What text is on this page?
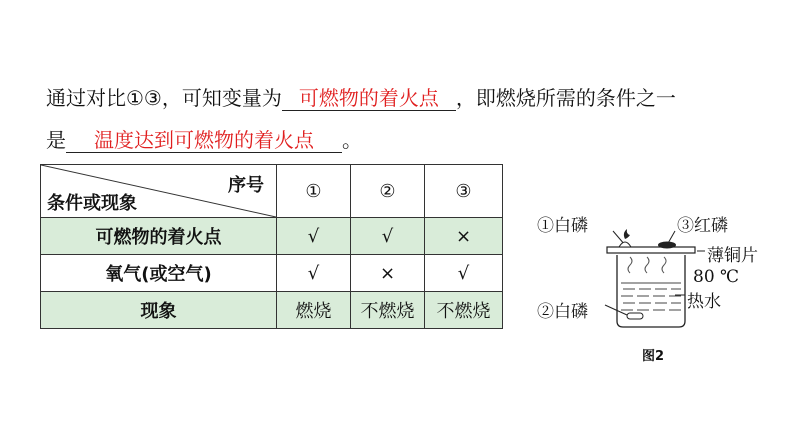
通过对比①③，可知变量为 可燃物的着火点 ，即燃烧所需的条件之一
是	温度达到可燃物的着火点	。
序号
条件或现象	①	②	③
可燃物的着火点	√	√	×
氧气(或空气)	√	×	√
现象	燃烧	不燃烧	不燃烧
①白磷	③红磷
薄铜片
80 ℃
②白磷	热水
图2
